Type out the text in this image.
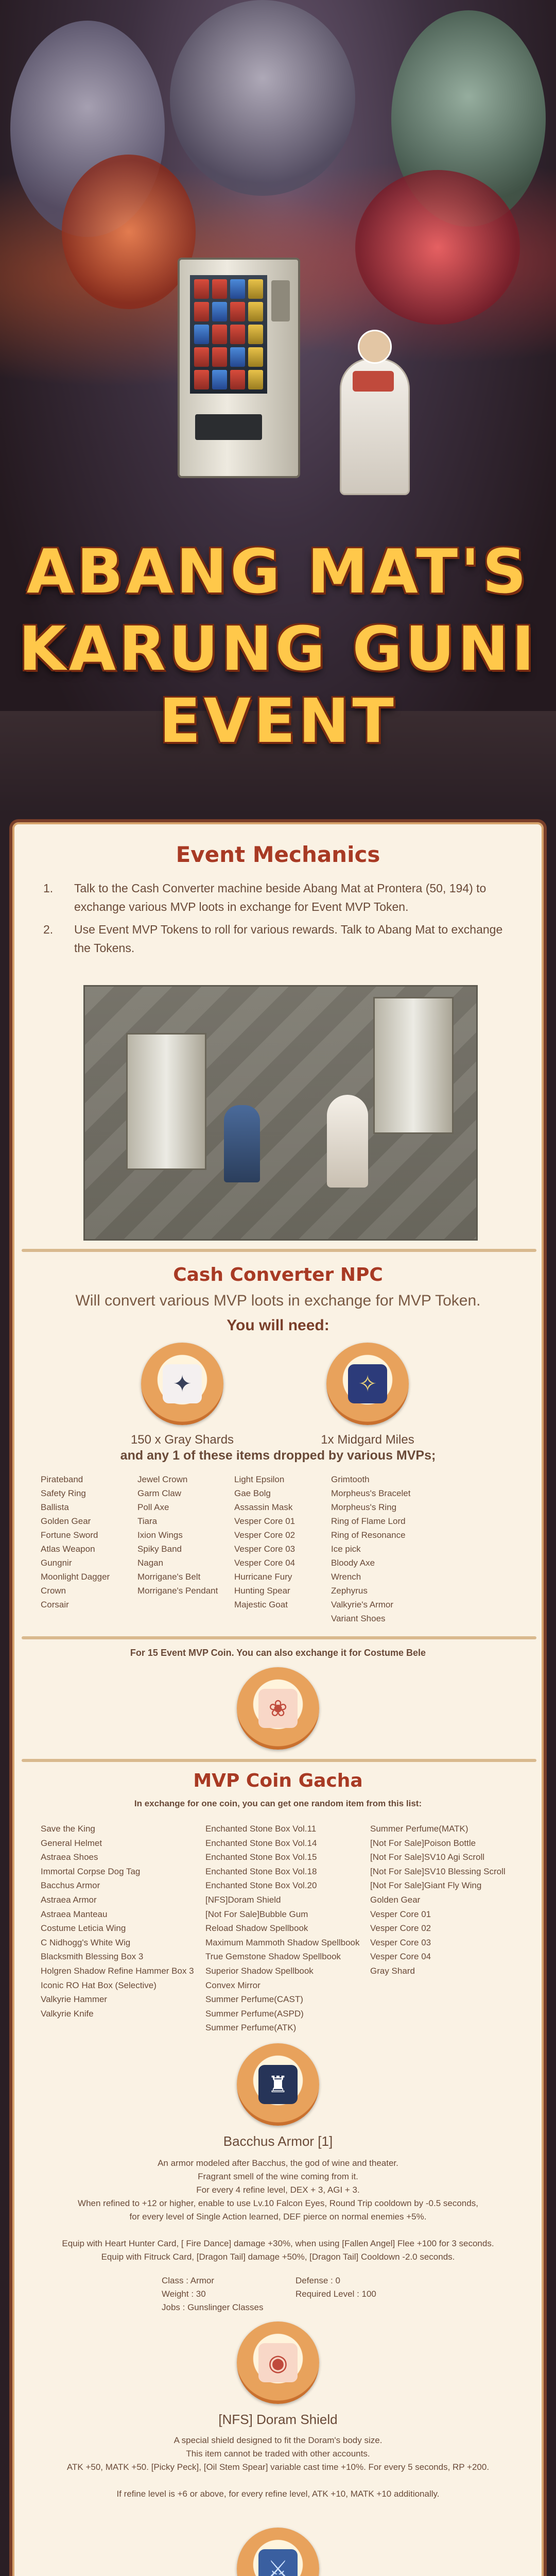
ABANG MAT'S
KARUNG GUNI
EVENT
Event Mechanics
1.	Talk to the Cash Converter machine beside Abang Mat at Prontera (50, 194) to exchange various MVP loots in exchange for Event MVP Token.
2.	Use Event MVP Tokens to roll for various rewards. Talk to Abang Mat to exchange the Tokens.
Cash Converter NPC
Will convert various MVP loots in exchange for MVP Token.
You will need:
✦
150 x Gray Shards
✧
1x Midgard Miles
and any 1 of these items dropped by various MVPs;
Pirateband
Safety Ring
Ballista
Golden Gear
Fortune Sword
Atlas Weapon
Gungnir
Moonlight Dagger
Crown
Corsair
Jewel Crown
Garm Claw
Poll Axe
Tiara
Ixion Wings
Spiky Band
Nagan
Morrigane's Belt
Morrigane's Pendant
Light Epsilon
Gae Bolg
Assassin Mask
Vesper Core 01
Vesper Core 02
Vesper Core 03
Vesper Core 04
Hurricane Fury
Hunting Spear
Majestic Goat
Grimtooth
Morpheus's Bracelet
Morpheus's Ring
Ring of Flame Lord
Ring of Resonance
Ice pick
Bloody Axe
Wrench
Zephyrus
Valkyrie's Armor
Variant Shoes
For 15 Event MVP Coin. You can also exchange it for Costume Bele
❀
MVP Coin Gacha
In exchange for one coin, you can get one random item from this list:
Save the King
General Helmet
Astraea Shoes
Immortal Corpse Dog Tag
Bacchus Armor
Astraea Armor
Astraea Manteau
Costume Leticia Wing
C Nidhogg's White Wig
Blacksmith Blessing Box 3
Holgren Shadow Refine Hammer Box 3
Iconic RO Hat Box (Selective)
Valkyrie Hammer
Valkyrie Knife
Enchanted Stone Box Vol.11
Enchanted Stone Box Vol.14
Enchanted Stone Box Vol.15
Enchanted Stone Box Vol.18
Enchanted Stone Box Vol.20
[NFS]Doram Shield
[Not For Sale]Bubble Gum
Reload Shadow Spellbook
Maximum Mammoth Shadow Spellbook
True Gemstone Shadow Spellbook
Superior Shadow Spellbook
Convex Mirror
Summer Perfume(CAST)
Summer Perfume(ASPD)
Summer Perfume(ATK)
Summer Perfume(MATK)
[Not For Sale]Poison Bottle
[Not For Sale]SV10 Agi Scroll
[Not For Sale]SV10 Blessing Scroll
[Not For Sale]Giant Fly Wing
Golden Gear
Vesper Core 01
Vesper Core 02
Vesper Core 03
Vesper Core 04
Gray Shard
♜
Bacchus Armor [1]

An armor modeled after Bacchus, the god of wine and theater.

Fragrant smell of the wine coming from it.

For every 4 refine level, DEX + 3, AGI + 3.

When refined to +12 or higher, enable to use Lv.10 Falcon Eyes, Round Trip cooldown by -0.5 seconds,

for every level of Single Action learned, DEF pierce on normal enemies +5%.

Equip with Heart Hunter Card, [ Fire Dance] damage +30%, when using [Fallen Angel] Flee +100 for 3 seconds.

Equip with Fitruck Card, [Dragon Tail] damage +50%, [Dragon Tail] Cooldown -2.0 seconds.

Class : Armor	Defense : 0
Weight : 30	Required Level : 100
Jobs : Gunslinger Classes
◉
[NFS] Doram Shield

A special shield designed to fit the Doram's body size.

This item cannot be traded with other accounts.

ATK +50, MATK +50. [Picky Peck], [Oil Stem Spear] variable cast time +10%. For every 5 seconds, RP +200.

If refine level is +6 or above, for every refine level, ATK +10, MATK +10 additionally.

⚔
